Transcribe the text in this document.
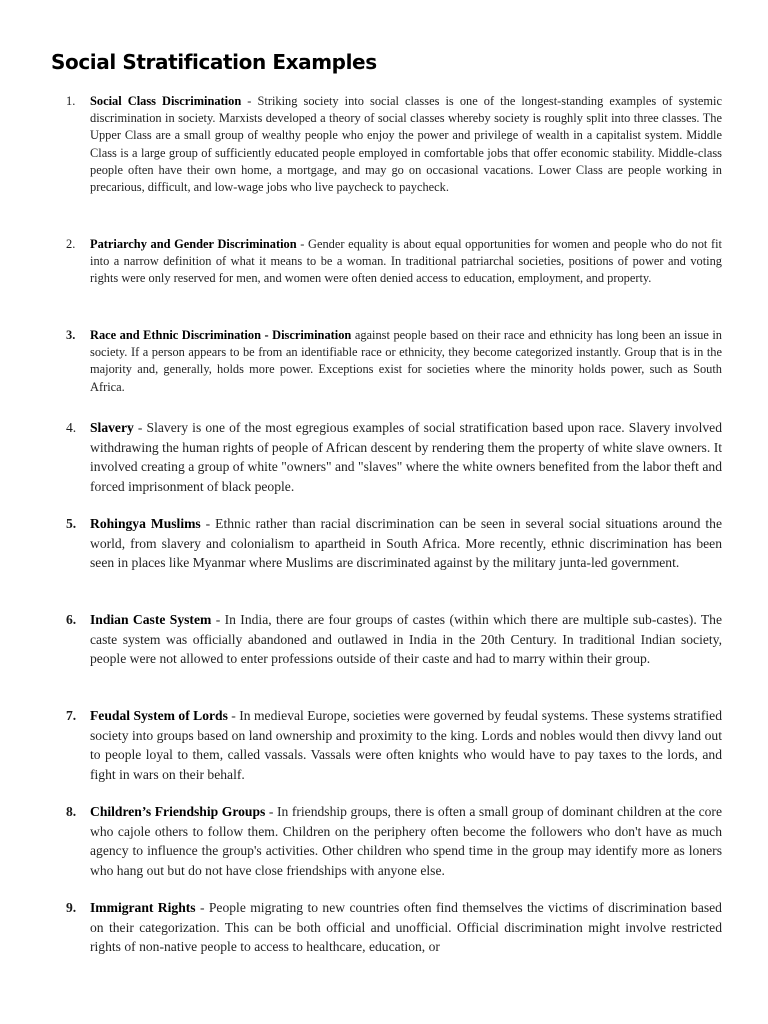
Social Stratification Examples
1. Social Class Discrimination - Striking society into social classes is one of the longest-standing examples of systemic discrimination in society. Marxists developed a theory of social classes whereby society is roughly split into three classes. The Upper Class are a small group of wealthy people who enjoy the power and privilege of wealth in a capitalist system. Middle Class is a large group of sufficiently educated people employed in comfortable jobs that offer economic stability. Middle-class people often have their own home, a mortgage, and may go on occasional vacations. Lower Class are people working in precarious, difficult, and low-wage jobs who live paycheck to paycheck.
2. Patriarchy and Gender Discrimination - Gender equality is about equal opportunities for women and people who do not fit into a narrow definition of what it means to be a woman. In traditional patriarchal societies, positions of power and voting rights were only reserved for men, and women were often denied access to education, employment, and property.
3. Race and Ethnic Discrimination - Discrimination against people based on their race and ethnicity has long been an issue in society. If a person appears to be from an identifiable race or ethnicity, they become categorized instantly. Group that is in the majority and, generally, holds more power. Exceptions exist for societies where the minority holds power, such as South Africa.
4. Slavery - Slavery is one of the most egregious examples of social stratification based upon race. Slavery involved withdrawing the human rights of people of African descent by rendering them the property of white slave owners. It involved creating a group of white "owners" and "slaves" where the white owners benefited from the labor theft and forced imprisonment of black people.
5. Rohingya Muslims - Ethnic rather than racial discrimination can be seen in several social situations around the world, from slavery and colonialism to apartheid in South Africa. More recently, ethnic discrimination has been seen in places like Myanmar where Muslims are discriminated against by the military junta-led government.
6. Indian Caste System - In India, there are four groups of castes (within which there are multiple sub-castes). The caste system was officially abandoned and outlawed in India in the 20th Century. In traditional Indian society, people were not allowed to enter professions outside of their caste and had to marry within their group.
7. Feudal System of Lords - In medieval Europe, societies were governed by feudal systems. These systems stratified society into groups based on land ownership and proximity to the king. Lords and nobles would then divvy land out to people loyal to them, called vassals. Vassals were often knights who would have to pay taxes to the lords, and fight in wars on their behalf.
8. Children’s Friendship Groups - In friendship groups, there is often a small group of dominant children at the core who cajole others to follow them. Children on the periphery often become the followers who don't have as much agency to influence the group's activities. Other children who spend time in the group may identify more as loners who hang out but do not have close friendships with anyone else.
9. Immigrant Rights - People migrating to new countries often find themselves the victims of discrimination based on their categorization. This can be both official and unofficial. Official discrimination might involve restricted rights of non-native people to access to healthcare, education, or
